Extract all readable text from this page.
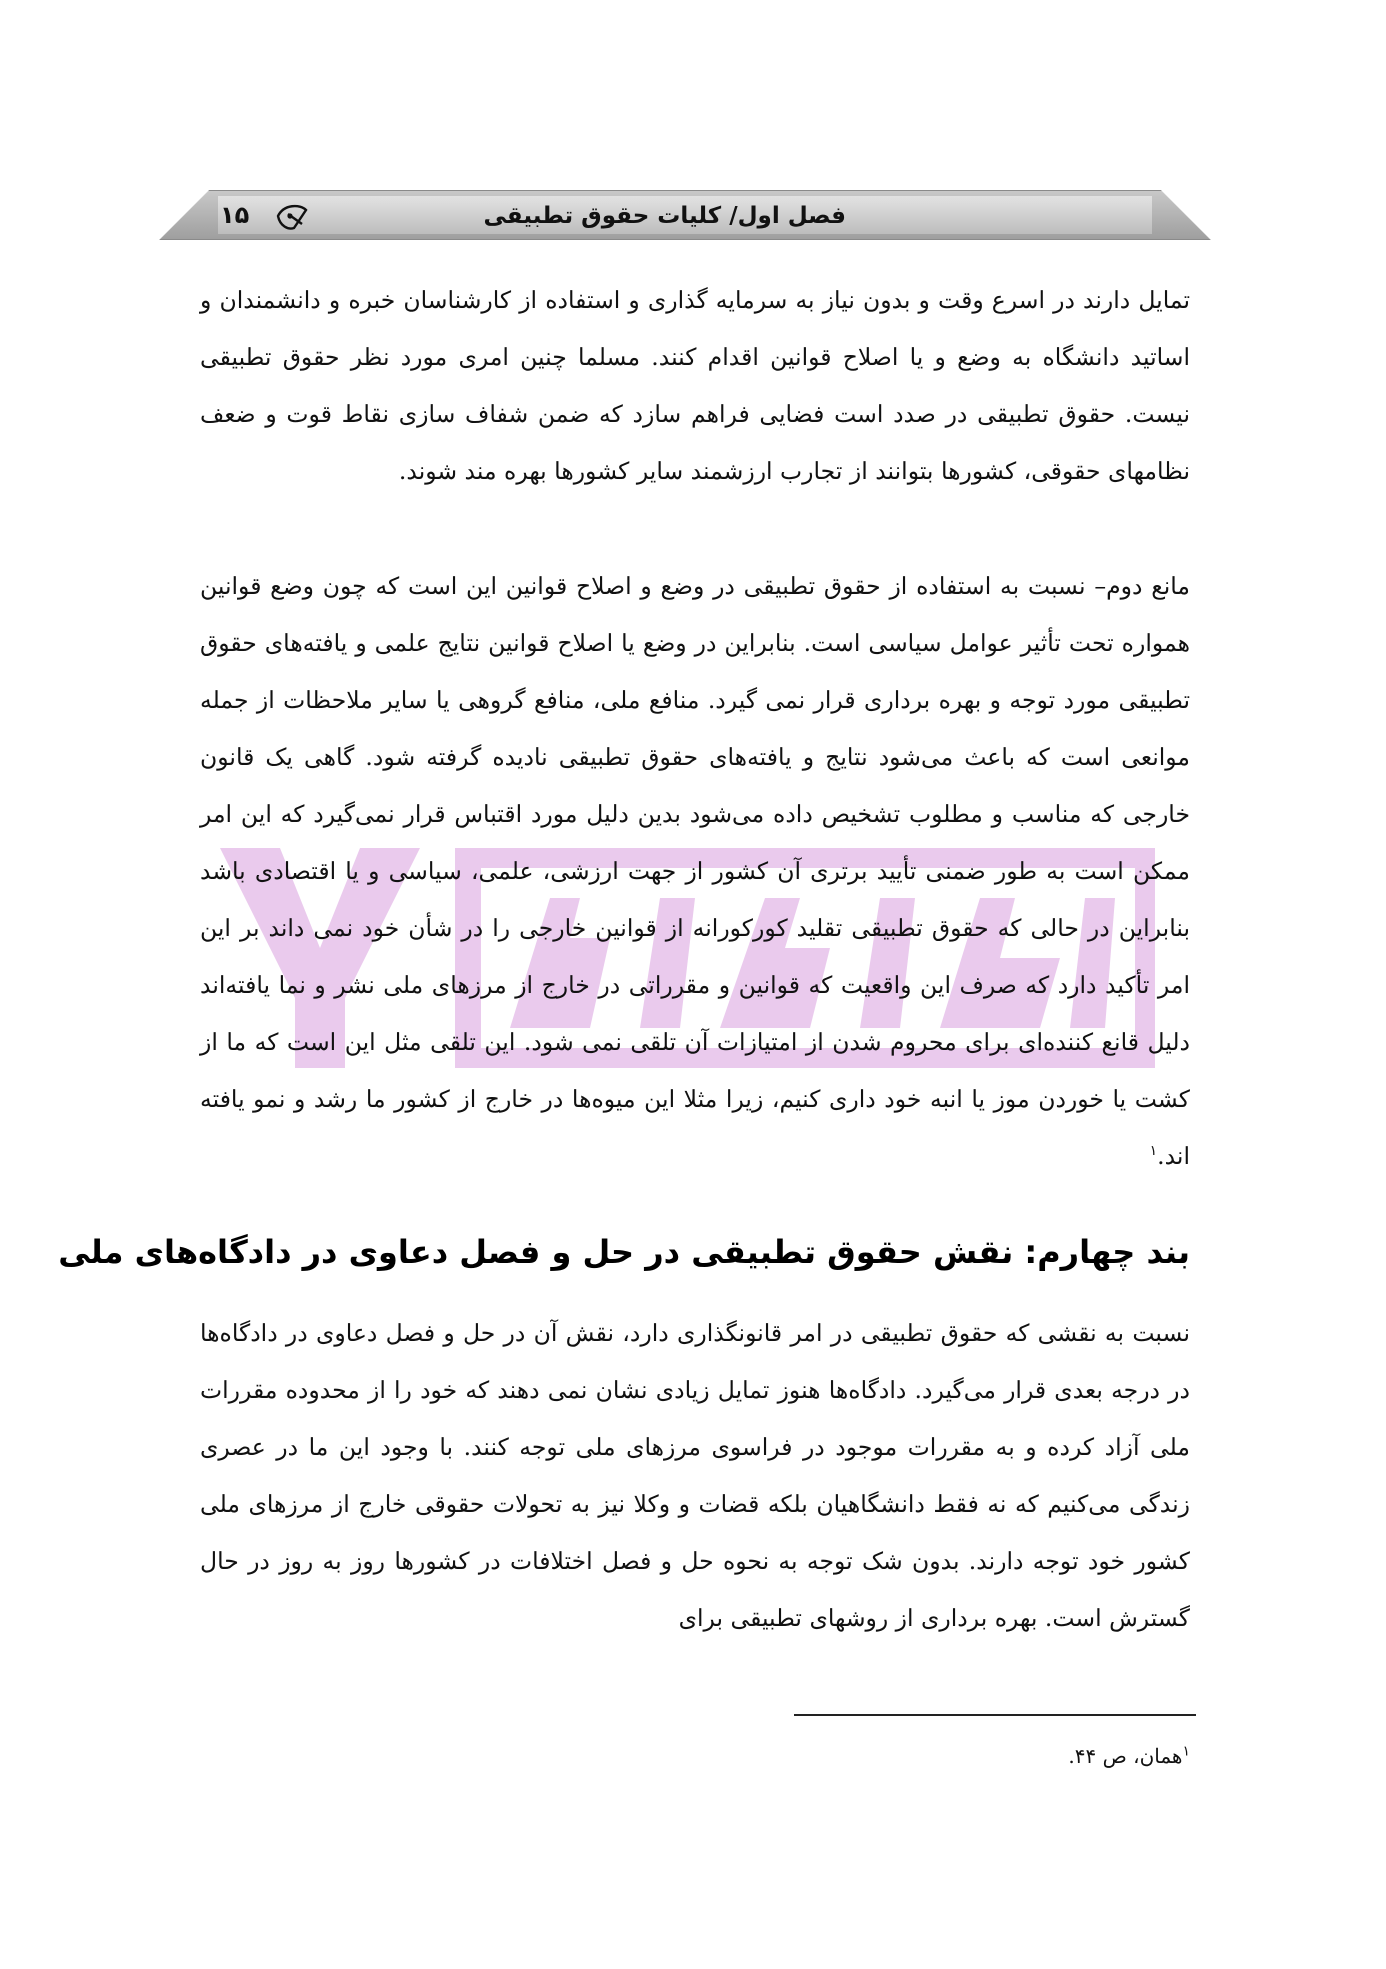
فصل اول/ کلیات حقوق تطبیقی
۱۵

تمایل دارند در اسرع وقت و بدون نیاز به سرمایه گذاری و استفاده از کارشناسان خبره و دانشمندان و اساتید دانشگاه به وضع و یا اصلاح قوانین اقدام کنند. مسلما چنین امری مورد نظر حقوق تطبیقی نیست. حقوق تطبیقی در صدد است فضایی فراهم سازد که ضمن شفاف سازی نقاط قوت و ضعف نظامهای حقوقی، کشورها بتوانند از تجارب ارزشمند سایر کشورها بهره مند شوند.

مانع دوم– نسبت به استفاده از حقوق تطبیقی در وضع و اصلاح قوانین این است که چون وضع قوانین همواره تحت تأثیر عوامل سیاسی است. بنابراین در وضع یا اصلاح قوانین نتایج علمی و یافته‌های حقوق تطبیقی مورد توجه و بهره برداری قرار نمی گیرد. منافع ملی، منافع گروهی یا سایر ملاحظات از جمله موانعی است که باعث می‌شود نتایج و یافته‌های حقوق تطبیقی نادیده گرفته شود. گاهی یک قانون خارجی که مناسب و مطلوب تشخیص داده می‌شود بدین دلیل مورد اقتباس قرار نمی‌گیرد که این امر ممکن است به طور ضمنی تأیید برتری آن کشور از جهت ارزشی، علمی، سیاسی و یا اقتصادی باشد بنابراین در حالی که حقوق تطبیقی تقلید کورکورانه از قوانین خارجی را در شأن خود نمی داند بر این امر تأکید دارد که صرف این واقعیت که قوانین و مقرراتی در خارج از مرزهای ملی نشر و نما یافته‌اند دلیل قانع کننده‌ای برای محروم شدن از امتیازات آن تلقی نمی شود. این تلقی مثل این است که ما از کشت یا خوردن موز یا انبه خود داری کنیم، زیرا مثلا این میوه‌ها در خارج از کشور ما رشد و نمو یافته اند.$^۱$

بند چهارم: نقش حقوق تطبیقی در حل و فصل دعاوی در دادگاه‌های ملی

نسبت به نقشی که حقوق تطبیقی در امر قانونگذاری دارد، نقش آن در حل و فصل دعاوی در دادگاه‌ها در درجه بعدی قرار می‌گیرد. دادگاه‌ها هنوز تمایل زیادی نشان نمی دهند که خود را از محدوده مقررات ملی آزاد کرده و به مقررات موجود در فراسوی مرزهای ملی توجه کنند. با وجود این ما در عصری زندگی می‌کنیم که نه فقط دانشگاهیان بلکه قضات و وکلا نیز به تحولات حقوقی خارج از مرزهای ملی کشور خود توجه دارند. بدون شک توجه به نحوه حل و فصل اختلافات در کشورها روز به روز در حال گسترش است. بهره برداری از روشهای تطبیقی برای

$^۱$همان، ص ۴۴.
